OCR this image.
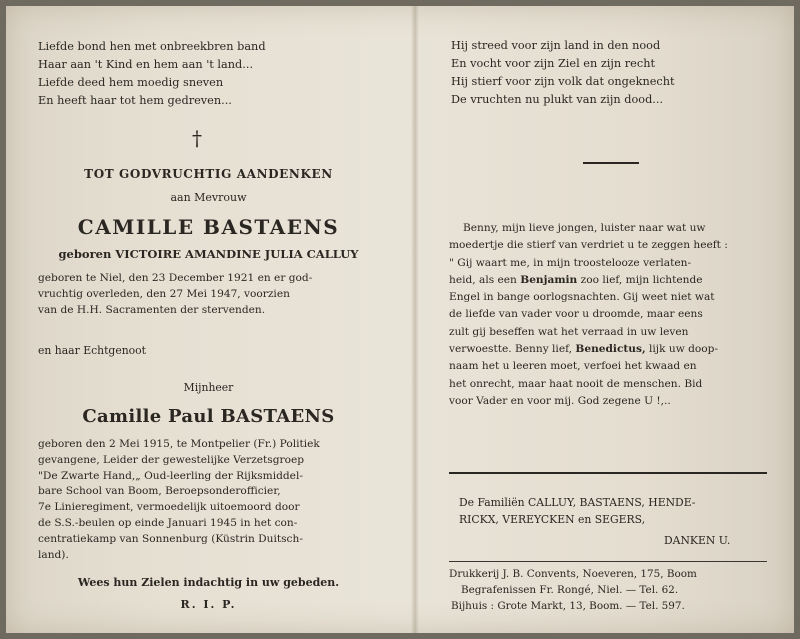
Liefde bond hen met onbreekbren band
Haar aan 't Kind en hem aan 't land...
Liefde deed hem moedig sneven
En heeft haar tot hem gedreven...
†
TOT GODVRUCHTIG AANDENKEN
aan Mevrouw
CAMILLE BASTAENS
geboren VICTOIRE AMANDINE JULIA CALLUY
geboren te Niel, den 23 December 1921 en er god-
vruchtig overleden, den 27 Mei 1947, voorzien
van de H.H. Sacramenten der stervenden.
en haar Echtgenoot
Mijnheer
Camille Paul BASTAENS
geboren den 2 Mei 1915, te Montpelier (Fr.) Politiek
gevangene, Leider der gewestelijke Verzetsgroep
"De Zwarte Hand,„ Oud-leerling der Rijksmiddel-
bare School van Boom, Beroepsonderofficier,
7e Linieregiment, vermoedelijk uitoemoord door
de S.S.-beulen op einde Januari 1945 in het con-
centratiekamp van Sonnenburg (Küstrin Duitsch-
land).
Wees hun Zielen indachtig in uw gebeden.
R. I. P.
Hij streed voor zijn land in den nood
En vocht voor zijn Ziel en zijn recht
Hij stierf voor zijn volk dat ongeknecht
De vruchten nu plukt van zijn dood...
Benny, mijn lieve jongen, luister naar wat uw
moedertje die stierf van verdriet u te zeggen heeft :
" Gij waart me, in mijn troostelooze verlaten-
heid, als een Benjamin zoo lief, mijn lichtende
Engel in bange oorlogsnachten. Gij weet niet wat
de liefde van vader voor u droomde, maar eens
zult gij beseffen wat het verraad in uw leven
verwoestte. Benny lief, Benedictus, lijk uw doop-
naam het u leeren moet, verfoei het kwaad en
het onrecht, maar haat nooit de menschen. Bid
voor Vader en voor mij. God zegene U !,..
De Familiën CALLUY, BASTAENS, HENDE-
RICKX, VEREYCKEN en SEGERS,
DANKEN U.
Drukkerij J. B. Convents, Noeveren, 175, Boom
Begrafenissen Fr. Rongé, Niel. — Tel. 62.
Bijhuis : Grote Markt, 13, Boom. — Tel. 597.
